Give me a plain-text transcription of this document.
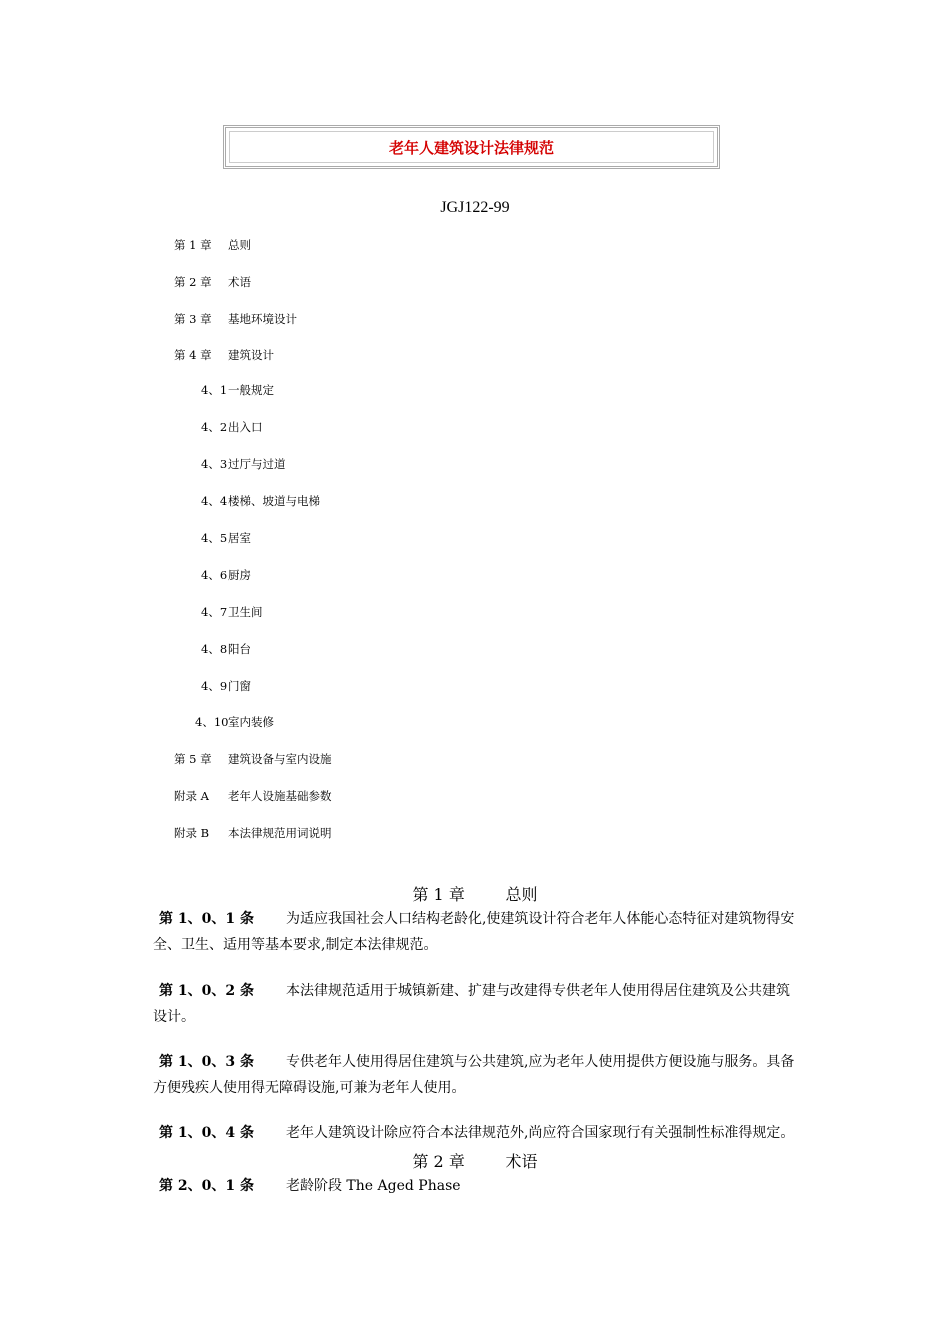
老年人建筑设计法律规范
JGJ122-99
第 1 章 总则
第 2 章 术语
第 3 章 基地环境设计
第 4 章 建筑设计
4、1 一般规定
4、2 出入口
4、3 过厅与过道
4、4 楼梯、坡道与电梯
4、5 居室
4、6 厨房
4、7 卫生间
4、8 阳台
4、9 门窗
4、10 室内装修
第 5 章 建筑设备与室内设施
附录 A 老年人设施基础参数
附录 B 本法律规范用词说明
第 1 章        总则
第 1、0、1 条 为适应我国社会人口结构老龄化,使建筑设计符合老年人体能心态特征对建筑物得安全、卫生、适用等基本要求,制定本法律规范。
第 1、0、2 条 本法律规范适用于城镇新建、扩建与改建得专供老年人使用得居住建筑及公共建筑设计。
第 1、0、3 条 专供老年人使用得居住建筑与公共建筑,应为老年人使用提供方便设施与服务。具备方便残疾人使用得无障碍设施,可兼为老年人使用。
第 1、0、4 条 老年人建筑设计除应符合本法律规范外,尚应符合国家现行有关强制性标准得规定。
第 2 章        术语
第 2、0、1 条 老龄阶段 The Aged Phase
